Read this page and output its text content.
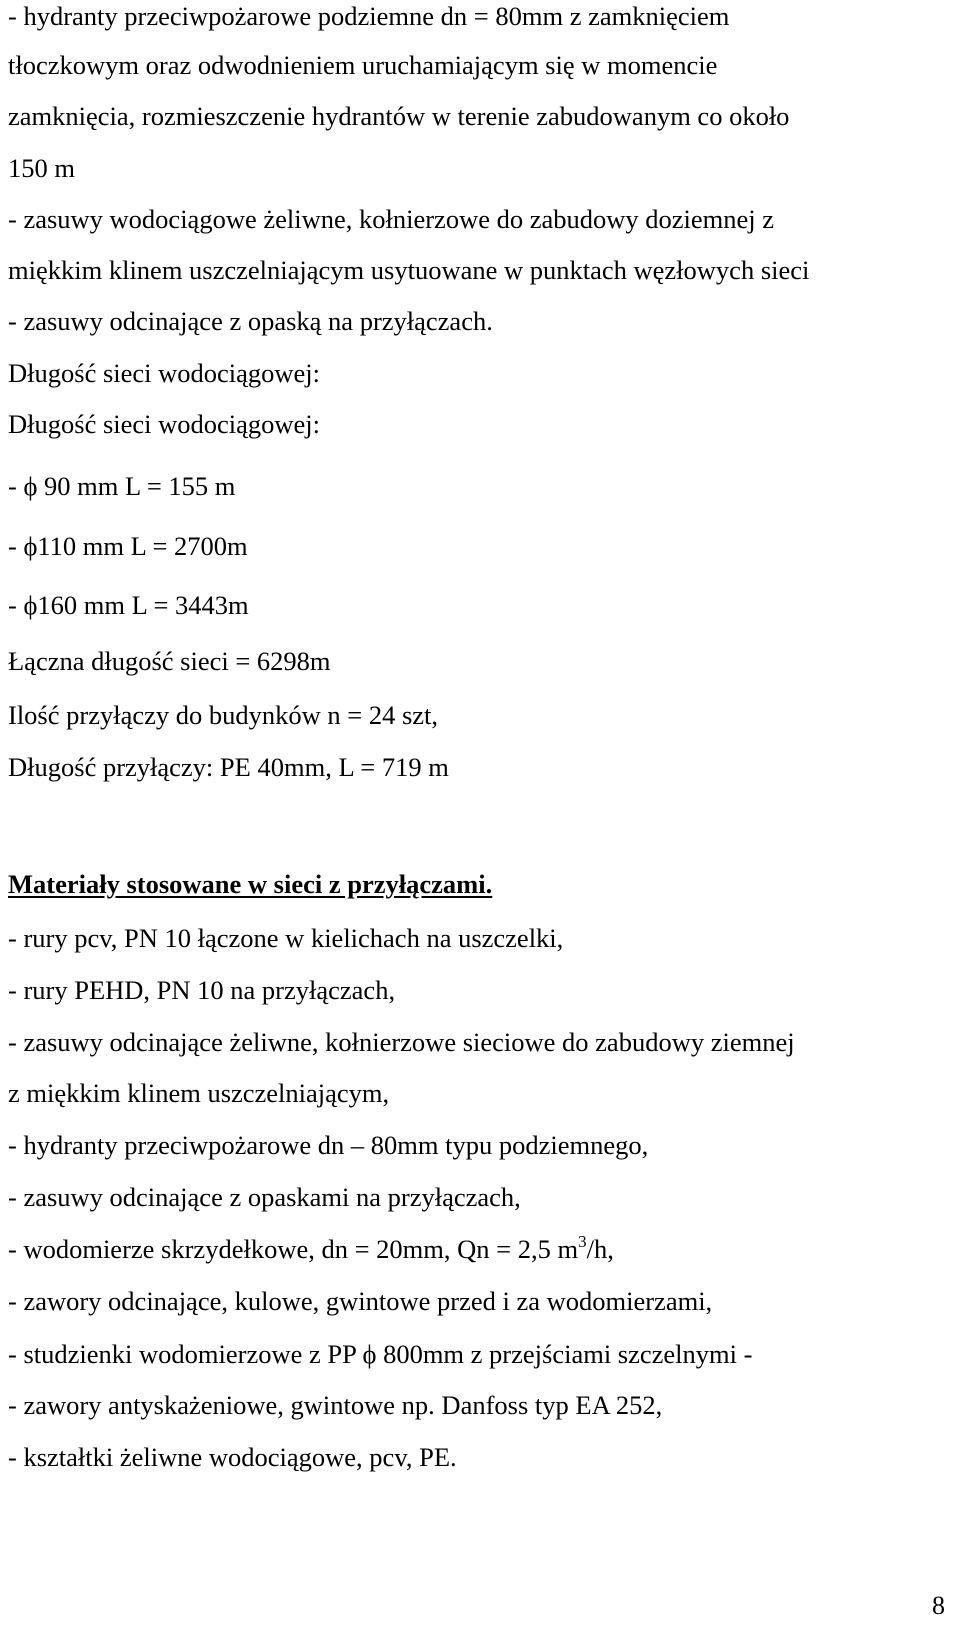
- hydranty przeciwpożarowe podziemne dn = 80mm z zamknięciem
tłoczkowym oraz odwodnieniem uruchamiającym się w momencie
zamknięcia, rozmieszczenie hydrantów w terenie zabudowanym co około
150 m
- zasuwy wodociągowe żeliwne, kołnierzowe do zabudowy doziemnej z
miękkim klinem uszczelniającym usytuowane w punktach węzłowych sieci
- zasuwy odcinające z opaską na przyłączach.
Długość sieci wodociągowej:
Długość sieci wodociągowej:
- ϕ 90 mm L = 155 m
- ϕ110 mm L = 2700m
- ϕ160 mm L = 3443m
Łączna długość sieci = 6298m
Ilość przyłączy do budynków n = 24 szt,
Długość przyłączy: PE 40mm, L = 719 m
Materiały stosowane w sieci z przyłączami.
- rury pcv, PN 10 łączone w kielichach na uszczelki,
- rury PEHD, PN 10 na przyłączach,
- zasuwy odcinające żeliwne, kołnierzowe sieciowe do zabudowy ziemnej
z miękkim klinem uszczelniającym,
- hydranty przeciwpożarowe dn – 80mm typu podziemnego,
- zasuwy odcinające z opaskami na przyłączach,
- wodomierze skrzydełkowe, dn = 20mm, Qn = 2,5 $m^3/h$,
- zawory odcinające, kulowe, gwintowe przed i za wodomierzami,
- studzienki wodomierzowe z PP ϕ 800mm z przejściami szczelnymi -
- zawory antyskażeniowe, gwintowe np. Danfoss typ EA 252,
- kształtki żeliwne wodociągowe, pcv, PE.
8
